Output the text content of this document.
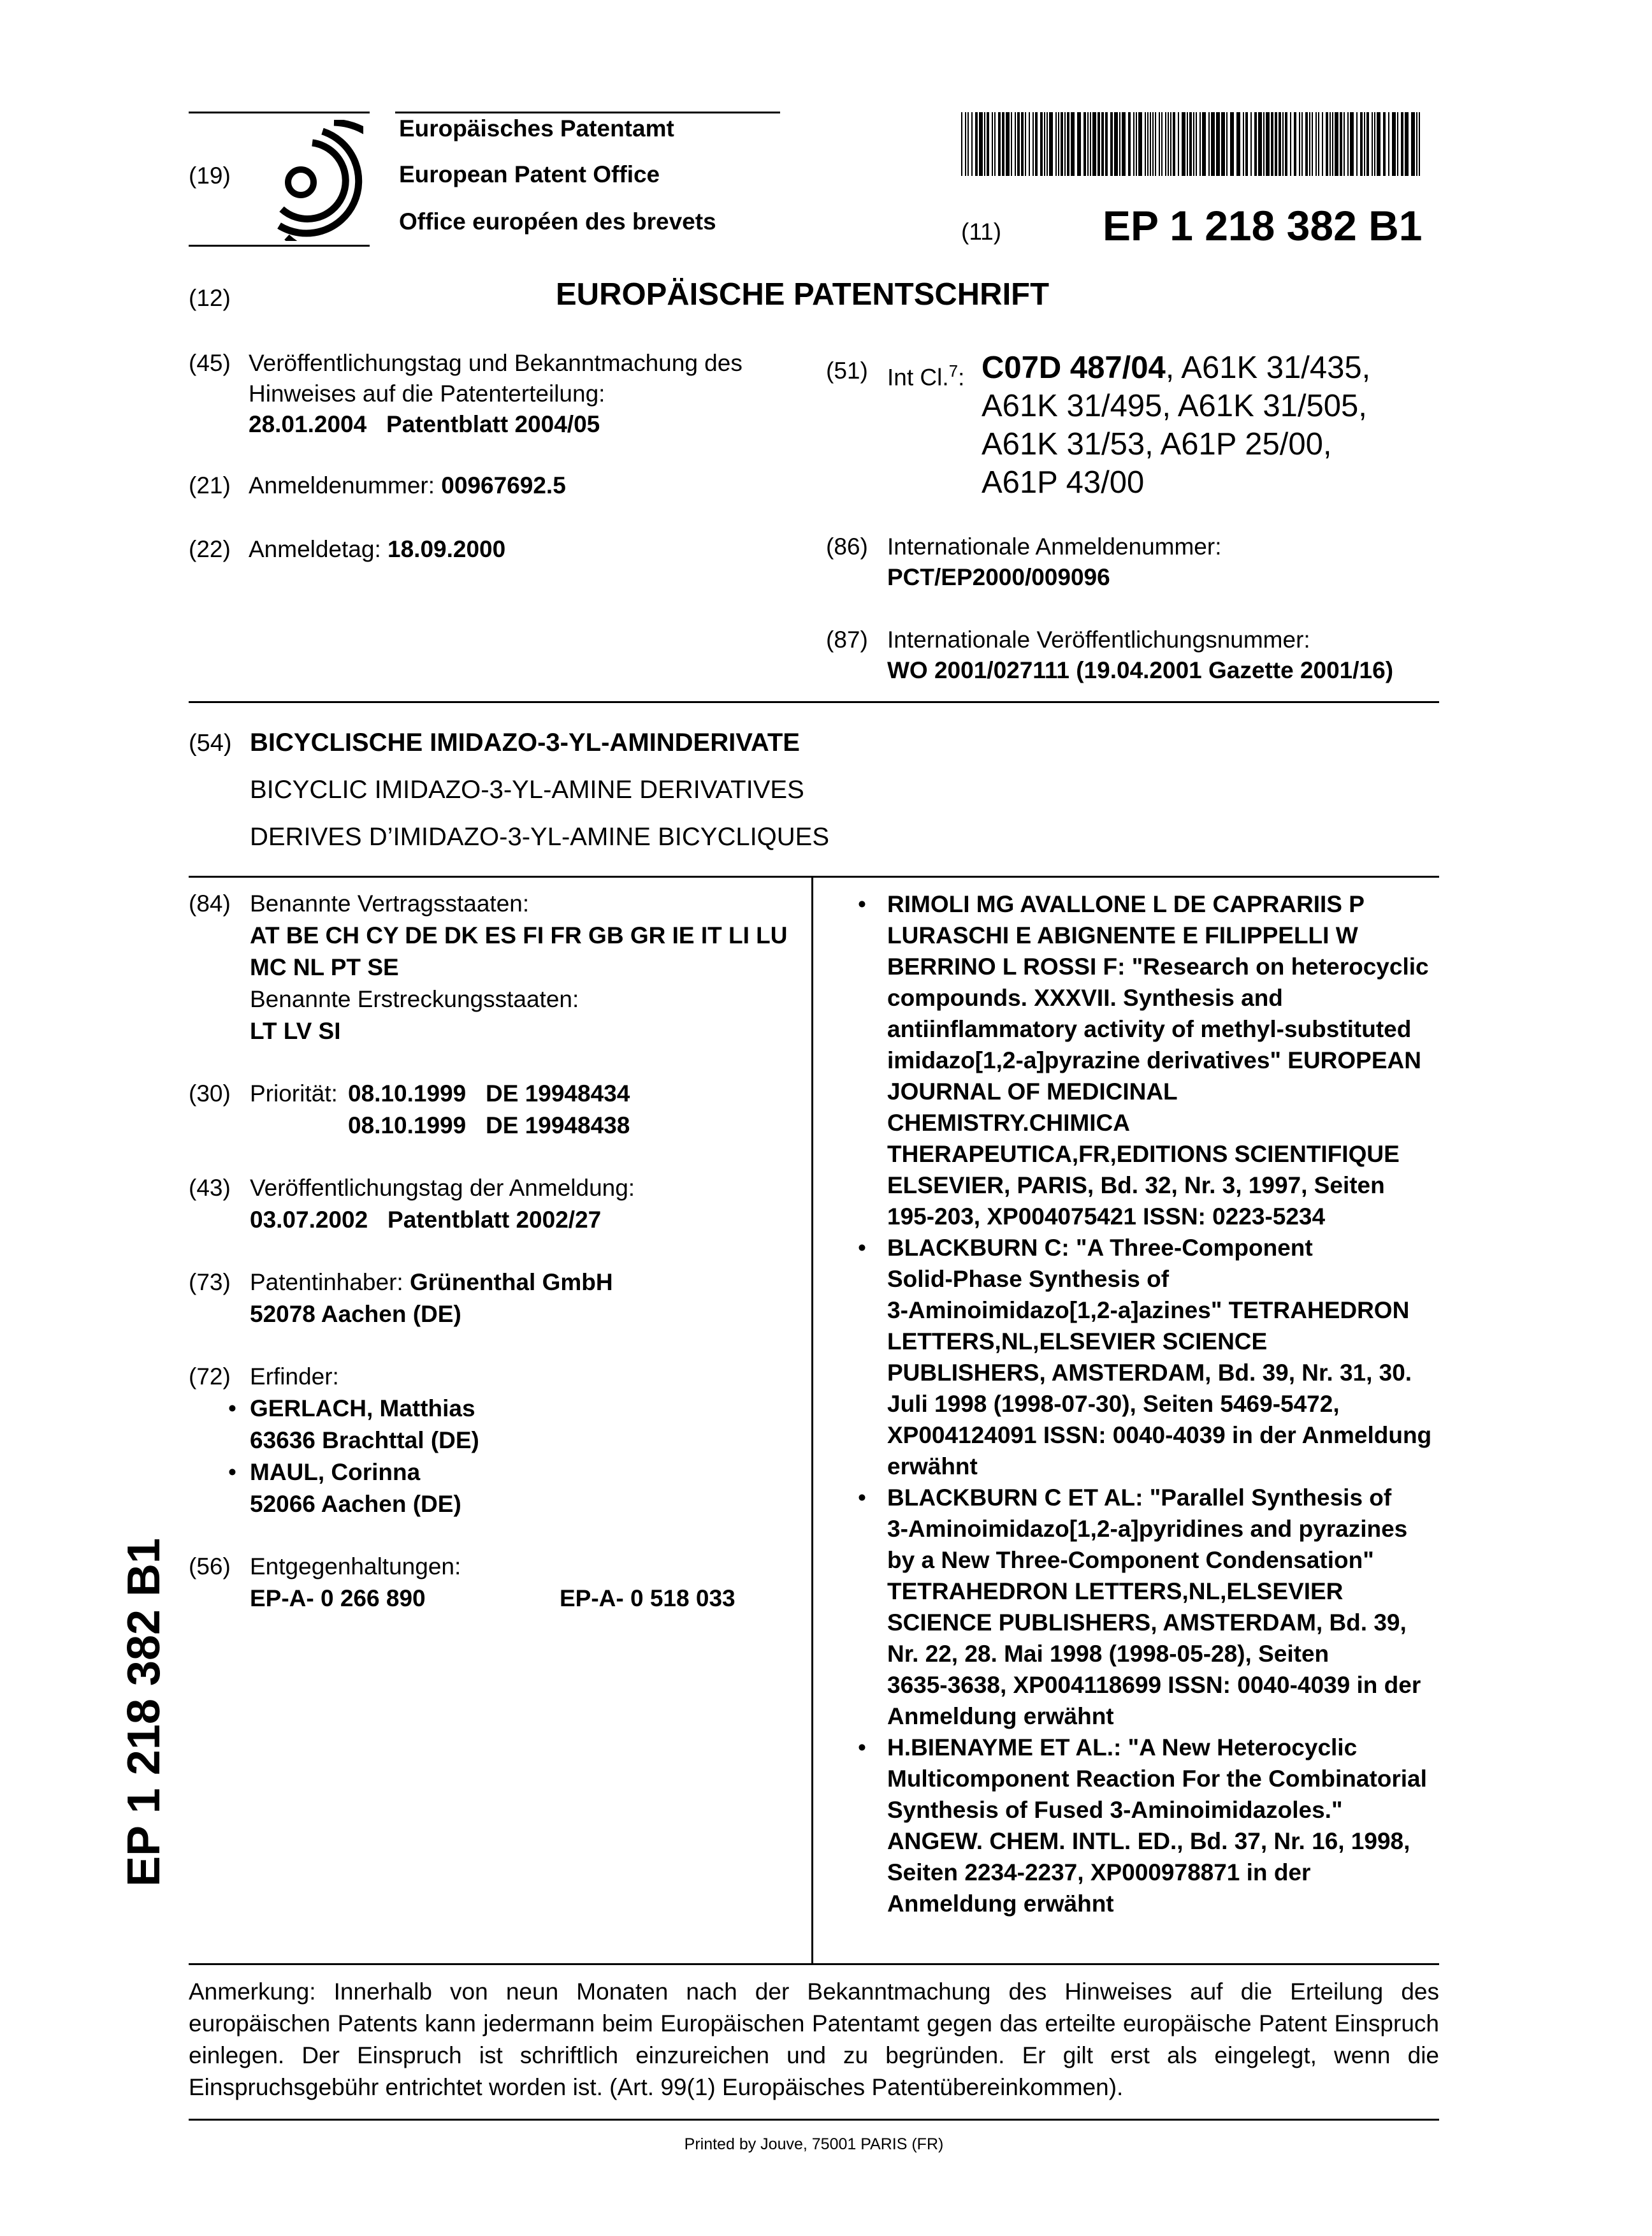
(19)
Europäisches Patentamt
European Patent Office
Office européen des brevets	(11) EP 1 218 382 B1
(12)	EUROPÄISCHE PATENTSCHRIFT
(45) Veröffentlichungstag und Bekanntmachung des
Hinweises auf die Patenterteilung:
28.01.2004   Patentblatt 2004/05
(21) Anmeldenummer: 00967692.5
(22) Anmeldetag: 18.09.2000
(51) Int Cl.$^7$: C07D 487/04, A61K 31/435,
A61K 31/495, A61K 31/505,
A61K 31/53, A61P 25/00,
A61P 43/00
(86) Internationale Anmeldenummer:
PCT/EP2000/009096
(87) Internationale Veröffentlichungsnummer:
WO 2001/027111 (19.04.2001 Gazette 2001/16)
(54) BICYCLISCHE IMIDAZO-3-YL-AMINDERIVATE
BICYCLIC IMIDAZO-3-YL-AMINE DERIVATIVES
DERIVES D’IMIDAZO-3-YL-AMINE BICYCLIQUES
(84) Benannte Vertragsstaaten:
AT BE CH CY DE DK ES FI FR GB GR IE IT LI LU
MC NL PT SE
Benannte Erstreckungsstaaten:
LT LV SI
(30) Priorität: 08.10.1999   DE 19948434
08.10.1999   DE 19948438
(43) Veröffentlichungstag der Anmeldung:
03.07.2002   Patentblatt 2002/27
(73) Patentinhaber: Grünenthal GmbH
52078 Aachen (DE)
(72) Erfinder:
• GERLACH, Matthias
63636 Brachttal (DE)
• MAUL, Corinna
52066 Aachen (DE)
(56) Entgegenhaltungen:
EP-A- 0 266 890	EP-A- 0 518 033
• RIMOLI MG AVALLONE L DE CAPRARIIS P
LURASCHI E ABIGNENTE E FILIPPELLI W
BERRINO L ROSSI F: "Research on heterocyclic
compounds. XXXVII. Synthesis and
antiinflammatory activity of methyl-substituted
imidazo[1,2-a]pyrazine derivatives" EUROPEAN
JOURNAL OF MEDICINAL
CHEMISTRY.CHIMICA
THERAPEUTICA,FR,EDITIONS SCIENTIFIQUE
ELSEVIER, PARIS, Bd. 32, Nr. 3, 1997, Seiten
195-203, XP004075421 ISSN: 0223-5234
• BLACKBURN C: "A Three-Component
Solid-Phase Synthesis of
3-Aminoimidazo[1,2-a]azines" TETRAHEDRON
LETTERS,NL,ELSEVIER SCIENCE
PUBLISHERS, AMSTERDAM, Bd. 39, Nr. 31, 30.
Juli 1998 (1998-07-30), Seiten 5469-5472,
XP004124091 ISSN: 0040-4039 in der Anmeldung
erwähnt
• BLACKBURN C ET AL: "Parallel Synthesis of
3-Aminoimidazo[1,2-a]pyridines and pyrazines
by a New Three-Component Condensation"
TETRAHEDRON LETTERS,NL,ELSEVIER
SCIENCE PUBLISHERS, AMSTERDAM, Bd. 39,
Nr. 22, 28. Mai 1998 (1998-05-28), Seiten
3635-3638, XP004118699 ISSN: 0040-4039 in der
Anmeldung erwähnt
• H.BIENAYME ET AL.: "A New Heterocyclic
Multicomponent Reaction For the Combinatorial
Synthesis of Fused 3-Aminoimidazoles."
ANGEW. CHEM. INTL. ED., Bd. 37, Nr. 16, 1998,
Seiten 2234-2237, XP000978871 in der
Anmeldung erwähnt
Anmerkung: Innerhalb von neun Monaten nach der Bekanntmachung des Hinweises auf die Erteilung des europäischen Patents kann jedermann beim Europäischen Patentamt gegen das erteilte europäische Patent Einspruch einlegen. Der Einspruch ist schriftlich einzureichen und zu begründen. Er gilt erst als eingelegt, wenn die Einspruchsgebühr entrichtet worden ist. (Art. 99(1) Europäisches Patentübereinkommen).
Printed by Jouve, 75001 PARIS (FR)
EP 1 218 382 B1
